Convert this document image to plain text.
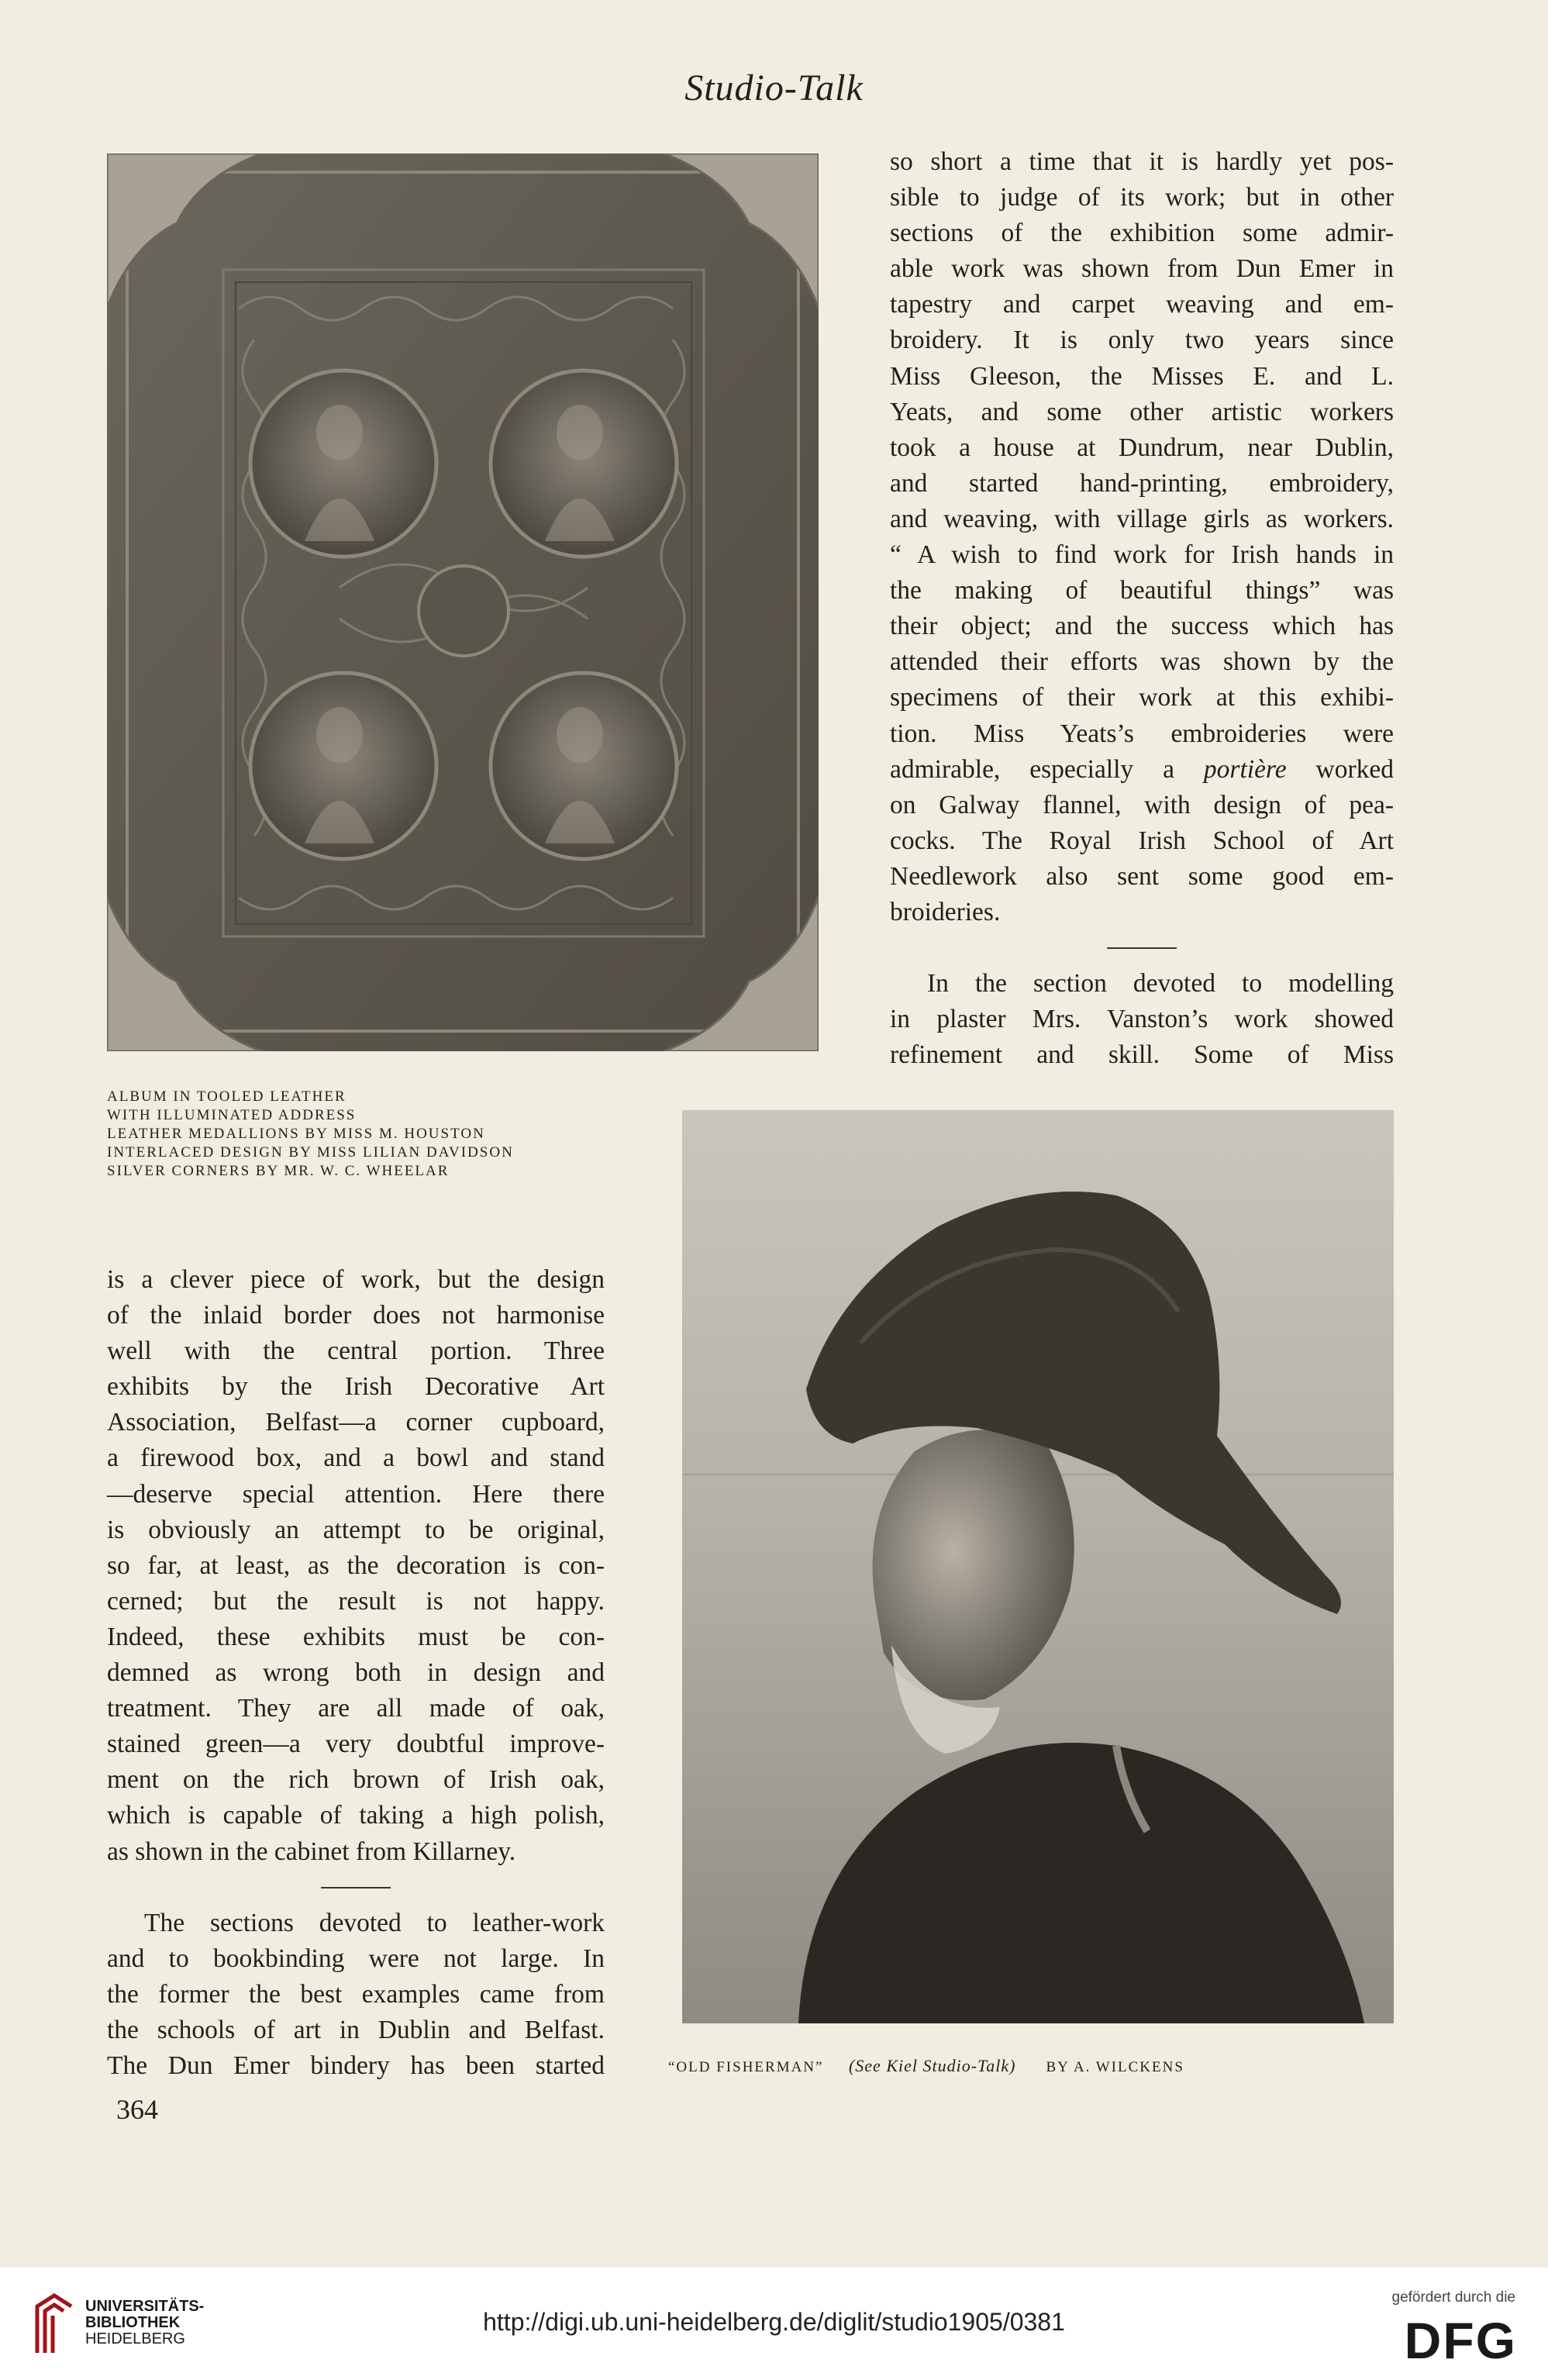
Studio-Talk
ALBUM IN TOOLED LEATHER
WITH ILLUMINATED ADDRESS
LEATHER MEDALLIONS BY MISS M. HOUSTON
INTERLACED DESIGN BY MISS LILIAN DAVIDSON
SILVER CORNERS BY MR. W. C. WHEELAR
so short a time that it is hardly yet pos-
sible to judge of its work; but in other
sections of the exhibition some admir-
able work was shown from Dun Emer in
tapestry and carpet weaving and em-
broidery. It is only two years since
Miss Gleeson, the Misses E. and L.
Yeats, and some other artistic workers
took a house at Dundrum, near Dublin,
and started hand-printing, embroidery,
and weaving, with village girls as workers.
“ A wish to find work for Irish hands in
the making of beautiful things” was
their object; and the success which has
attended their efforts was shown by the
specimens of their work at this exhibi-
tion. Miss Yeats’s embroideries were
admirable, especially a portière worked
on Galway flannel, with design of pea-
cocks. The Royal Irish School of Art
Needlework also sent some good em-
broideries.
In the section devoted to modelling
in plaster Mrs. Vanston’s work showed
refinement and skill. Some of Miss
is a clever piece of work, but the design
of the inlaid border does not harmonise
well with the central portion. Three
exhibits by the Irish Decorative Art
Association, Belfast—a corner cupboard,
a firewood box, and a bowl and stand
—deserve special attention. Here there
is obviously an attempt to be original,
so far, at least, as the decoration is con-
cerned; but the result is not happy.
Indeed, these exhibits must be con-
demned as wrong both in design and
treatment. They are all made of oak,
stained green—a very doubtful improve-
ment on the rich brown of Irish oak,
which is capable of taking a high polish,
as shown in the cabinet from Killarney.
The sections devoted to leather-work
and to bookbinding were not large. In
the former the best examples came from
the schools of art in Dublin and Belfast.
The Dun Emer bindery has been started	“OLD FISHERMAN” (See Kiel Studio-Talk) BY A. WILCKENS
364
UNIVERSITÄTS-
BIBLIOTHEK
HEIDELBERG
http://digi.ub.uni-heidelberg.de/diglit/studio1905/0381
gefördert durch die
DFG
